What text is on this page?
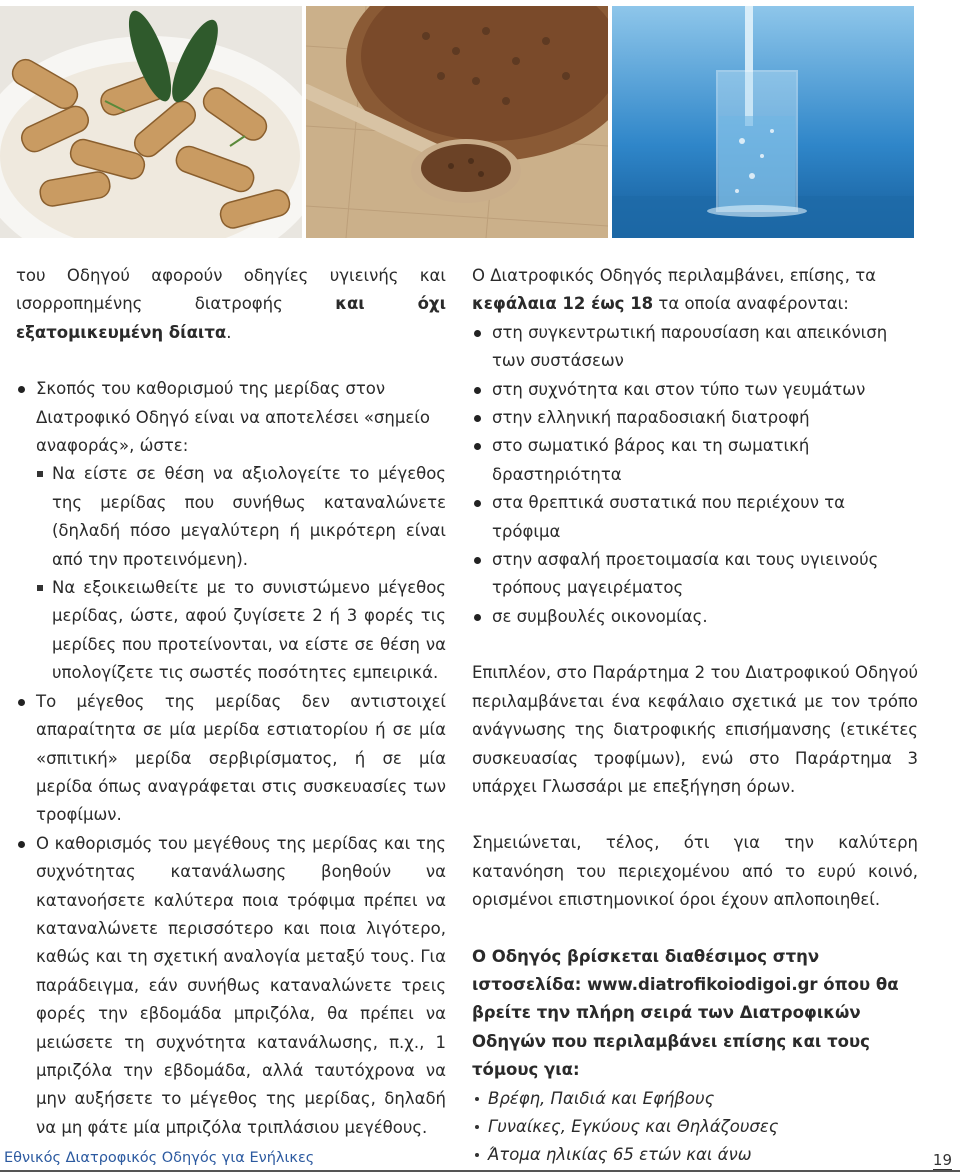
του Οδηγού αφορούν οδηγίες υγιεινής και ισορροπημένης διατροφής και όχι εξατομικευμένη δίαιτα.

Σκοπός του καθορισμού της μερίδας στον Διατροφικό Οδηγό είναι να αποτελέσει «σημείο αναφοράς», ώστε:
Να είστε σε θέση να αξιολογείτε το μέγεθος της μερίδας που συνήθως καταναλώνετε (δηλαδή πόσο μεγαλύτερη ή μικρότερη είναι από την προτεινόμενη).
Να εξοικειωθείτε με το συνιστώμενο μέγεθος μερίδας, ώστε, αφού ζυγίσετε 2 ή 3 φορές τις μερίδες που προτείνονται, να είστε σε θέση να υπολογίζετε τις σωστές ποσότητες εμπειρικά.
Το μέγεθος της μερίδας δεν αντιστοιχεί απαραίτητα σε μία μερίδα εστιατορίου ή σε μία «σπιτική» μερίδα σερβιρίσματος, ή σε μία μερίδα όπως αναγράφεται στις συσκευασίες των τροφίμων.
Ο καθορισμός του μεγέθους της μερίδας και της συχνότητας κατανάλωσης βοηθούν να κατανοήσετε καλύτερα ποια τρόφιμα πρέπει να καταναλώνετε περισσότερο και ποια λιγότερο, καθώς και τη σχετική αναλογία μεταξύ τους. Για παράδειγμα, εάν συνήθως καταναλώνετε τρεις φορές την εβδομάδα μπριζόλα, θα πρέπει να μειώσετε τη συχνότητα κατανάλωσης, π.χ., 1 μπριζόλα την εβδομάδα, αλλά ταυτόχρονα να μην αυξήσετε το μέγεθος της μερίδας, δηλαδή να μη φάτε μία μπριζόλα τριπλάσιου μεγέθους.

Ο Διατροφικός Οδηγός περιλαμβάνει, επίσης, τα κεφάλαια 12 έως 18 τα οποία αναφέρονται:

στη συγκεντρωτική παρουσίαση και απεικόνιση των συστάσεων
στη συχνότητα και στον τύπο των γευμάτων
στην ελληνική παραδοσιακή διατροφή
στο σωματικό βάρος και τη σωματική δραστηριότητα
στα θρεπτικά συστατικά που περιέχουν τα τρόφιμα
στην ασφαλή προετοιμασία και τους υγιεινούς τρόπους μαγειρέματος
σε συμβουλές οικονομίας.

Επιπλέον, στο Παράρτημα 2 του Διατροφικού Οδηγού περιλαμβάνεται ένα κεφάλαιο σχετικά με τον τρόπο ανάγνωσης της διατροφικής επισήμανσης (ετικέτες συσκευασίας τροφίμων), ενώ στο Παράρτημα 3 υπάρχει Γλωσσάρι με επεξήγηση όρων.

Σημειώνεται, τέλος, ότι για την καλύτερη κατανόηση του περιεχομένου από το ευρύ κοινό, ορισμένοι επιστημονικοί όροι έχουν απλοποιηθεί.

Ο Οδηγός βρίσκεται διαθέσιμος στην ιστοσελίδα: www.diatrofikoiodigoi.gr όπου θα βρείτε την πλήρη σειρά των Διατροφικών Οδηγών που περιλαμβάνει επίσης και τους τόμους για:

Βρέφη, Παιδιά και Εφήβους
Γυναίκες, Εγκύους και Θηλάζουσες
Άτομα ηλικίας 65 ετών και άνω
Εθνικός Διατροφικός Οδηγός για Ενήλικες	19
